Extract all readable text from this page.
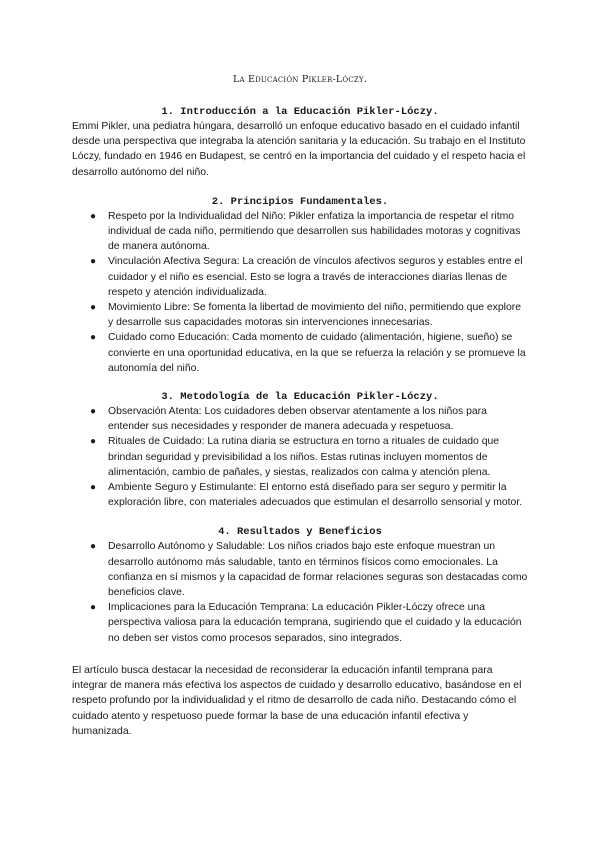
La Educación Pikler-Lóczy.
1. Introducción a la Educación Pikler-Lóczy.

Emmi Pikler, una pediatra húngara, desarrolló un enfoque educativo basado en el cuidado infantil desde una perspectiva que integraba la atención sanitaria y la educación. Su trabajo en el Instituto Lóczy, fundado en 1946 en Budapest, se centró en la importancia del cuidado y el respeto hacia el desarrollo autónomo del niño.

2. Principios Fundamentales.
● Respeto por la Individualidad del Niño: Pikler enfatiza la importancia de respetar el ritmo individual de cada niño, permitiendo que desarrollen sus habilidades motoras y cognitivas de manera autónoma.
● Vinculación Afectiva Segura: La creación de vínculos afectivos seguros y estables entre el cuidador y el niño es esencial. Esto se logra a través de interacciones diarias llenas de respeto y atención individualizada.
● Movimiento Libre: Se fomenta la libertad de movimiento del niño, permitiendo que explore y desarrolle sus capacidades motoras sin intervenciones innecesarias.
● Cuidado como Educación: Cada momento de cuidado (alimentación, higiene, sueño) se convierte en una oportunidad educativa, en la que se refuerza la relación y se promueve la autonomía del niño.
3. Metodología de la Educación Pikler-Lóczy.
● Observación Atenta: Los cuidadores deben observar atentamente a los niños para entender sus necesidades y responder de manera adecuada y respetuosa.
● Rituales de Cuidado: La rutina diaria se estructura en torno a rituales de cuidado que brindan seguridad y previsibilidad a los niños. Estas rutinas incluyen momentos de alimentación, cambio de pañales, y siestas, realizados con calma y atención plena.
● Ambiente Seguro y Estimulante: El entorno está diseñado para ser seguro y permitir la exploración libre, con materiales adecuados que estimulan el desarrollo sensorial y motor.
4. Resultados y Beneficios
● Desarrollo Autónomo y Saludable: Los niños criados bajo este enfoque muestran un desarrollo autónomo más saludable, tanto en términos físicos como emocionales. La confianza en sí mismos y la capacidad de formar relaciones seguras son destacadas como beneficios clave.
● Implicaciones para la Educación Temprana: La educación Pikler-Lóczy ofrece una perspectiva valiosa para la educación temprana, sugiriendo que el cuidado y la educación no deben ser vistos como procesos separados, sino integrados.

El artículo busca destacar la necesidad de reconsiderar la educación infantil temprana para integrar de manera más efectiva los aspectos de cuidado y desarrollo educativo, basándose en el respeto profundo por la individualidad y el ritmo de desarrollo de cada niño. Destacando cómo el cuidado atento y respetuoso puede formar la base de una educación infantil efectiva y humanizada.
